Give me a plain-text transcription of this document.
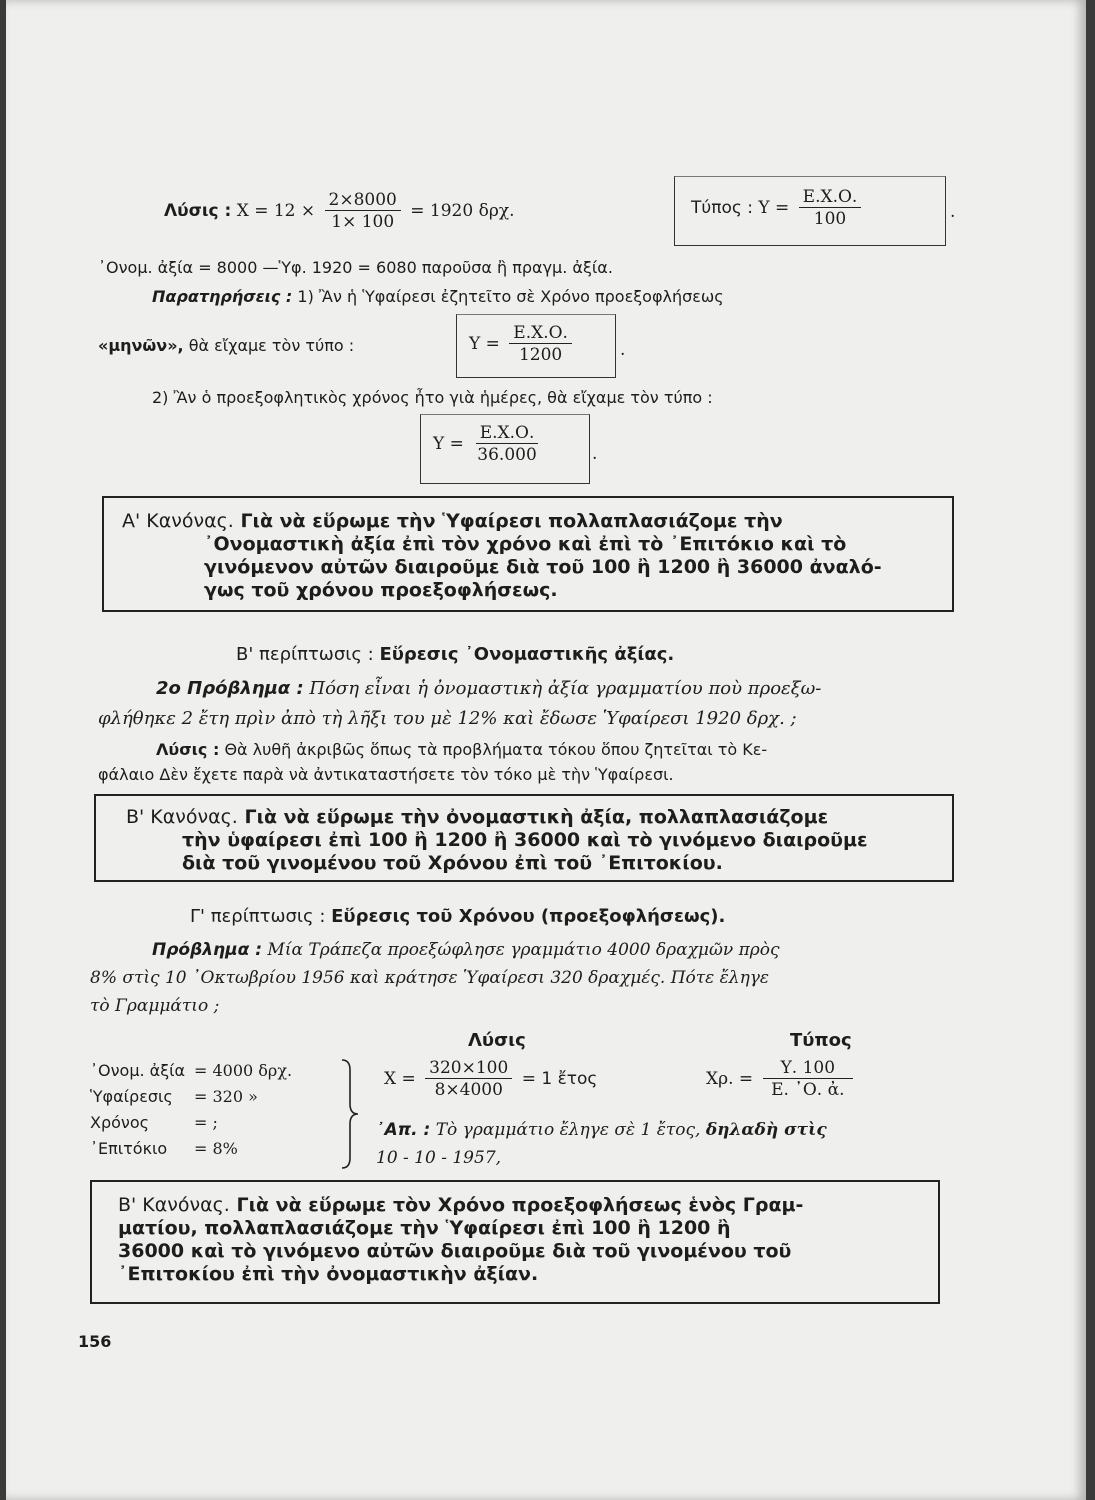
Λύσις : $X = 12 \times \frac{2\times 8000}{1\times 100} = 1920$ δρχ.	Τύπος : $\Upsilon = \frac{E.X.O.}{100}$	.
᾿Ονομ. ἀξία = 8000 —Ὑφ. 1920 = 6080 παροῦσα ἢ πραγμ. ἀξία.
Παρατηρήσεις : 1) Ἂν ἡ Ὑφαίρεσι ἐζητεῖτο σὲ Χρόνο προεξοφλήσεως
«μηνῶν», θὰ εἴχαμε τὸν τύπο :	$\Upsilon = \frac{E.X.O.}{1200}$	.
2) Ἂν ὁ προεξοφλητικὸς χρόνος ἦτο γιὰ ἡμέρες, θὰ εἴχαμε τὸν τύπο :
$\Upsilon = \frac{E.X.O.}{36.000}$	.

Α' Κανόνας. Γιὰ νὰ εὕρωμε τὴν Ὑφαίρεσι πολλαπλασιάζομε τὴν

᾿Ονομαστικὴ ἀξία ἐπὶ τὸν χρόνο καὶ ἐπὶ τὸ ᾿Επιτόκιο καὶ τὸ

γινόμενον αὐτῶν διαιροῦμε διὰ τοῦ 100 ἢ 1200 ἢ 36000 ἀναλό-

γως τοῦ χρόνου προεξοφλήσεως.

Β' περίπτωσις : Εὕρεσις ᾿Ονομαστικῆς ἀξίας.
2ο Πρόβλημα : Πόση εἶναι ἡ ὀνομαστικὴ ἀξία γραμματίου ποὺ προεξω-
φλήθηκε 2 ἔτη πρὶν ἀπὸ τὴ λῆξι του μὲ 12% καὶ ἔδωσε Ὑφαίρεσι 1920 δρχ. ;
Λύσις : Θὰ λυθῆ ἀκριβῶς ὅπως τὰ προβλήματα τόκου ὅπου ζητεῖται τὸ Κε-
φάλαιο Δὲν ἔχετε παρὰ νὰ ἀντικαταστήσετε τὸν τόκο μὲ τὴν Ὑφαίρεσι.

Β' Κανόνας. Γιὰ νὰ εὕρωμε τὴν ὀνομαστικὴ ἀξία, πολλαπλασιάζομε

τὴν ὑφαίρεσι ἐπὶ 100 ἢ 1200 ἢ 36000 καὶ τὸ γινόμενο διαιροῦμε

διὰ τοῦ γινομένου τοῦ Χρόνου ἐπὶ τοῦ ᾿Επιτοκίου.

Γ' περίπτωσις : Εὕρεσις τοῦ Χρόνου (προεξοφλήσεως).
Πρόβλημα : Μία Τράπεζα προεξώφλησε γραμμάτιο 4000 δραχμῶν πρὸς
8% στὶς 10 ᾿Οκτωβρίου 1956 καὶ κράτησε Ὑφαίρεσι 320 δραχμές. Πότε ἔληγε
τὸ Γραμμάτιο ;
Λύσις	Τύπος
᾿Ονομ. ἀξία = 4000 δρχ.
Ὑφαίρεσις = 320 »
Χρόνος	= ;
᾿Επιτόκιο = 8%
$X = \frac{320\times 100}{8\times 4000} = 1$ ἔτος	Χρ. = $\frac{\Upsilon. 100}{\text{Ε. ᾿Ο. ἀ.}}$
᾿Απ. : Τὸ γραμμάτιο ἔληγε σὲ 1 ἔτος, δηλαδὴ στὶς
10 - 10 - 1957,

Β' Κανόνας. Γιὰ νὰ εὕρωμε τὸν Χρόνο προεξοφλήσεως ἑνὸς Γραμ-

ματίου, πολλαπλασιάζομε τὴν Ὑφαίρεσι ἐπὶ 100 ἢ 1200 ἢ

36000 καὶ τὸ γινόμενο αὐτῶν διαιροῦμε διὰ τοῦ γινομένου τοῦ

᾿Επιτοκίου ἐπὶ τὴν ὀνομαστικὴν ἀξίαν.

156
